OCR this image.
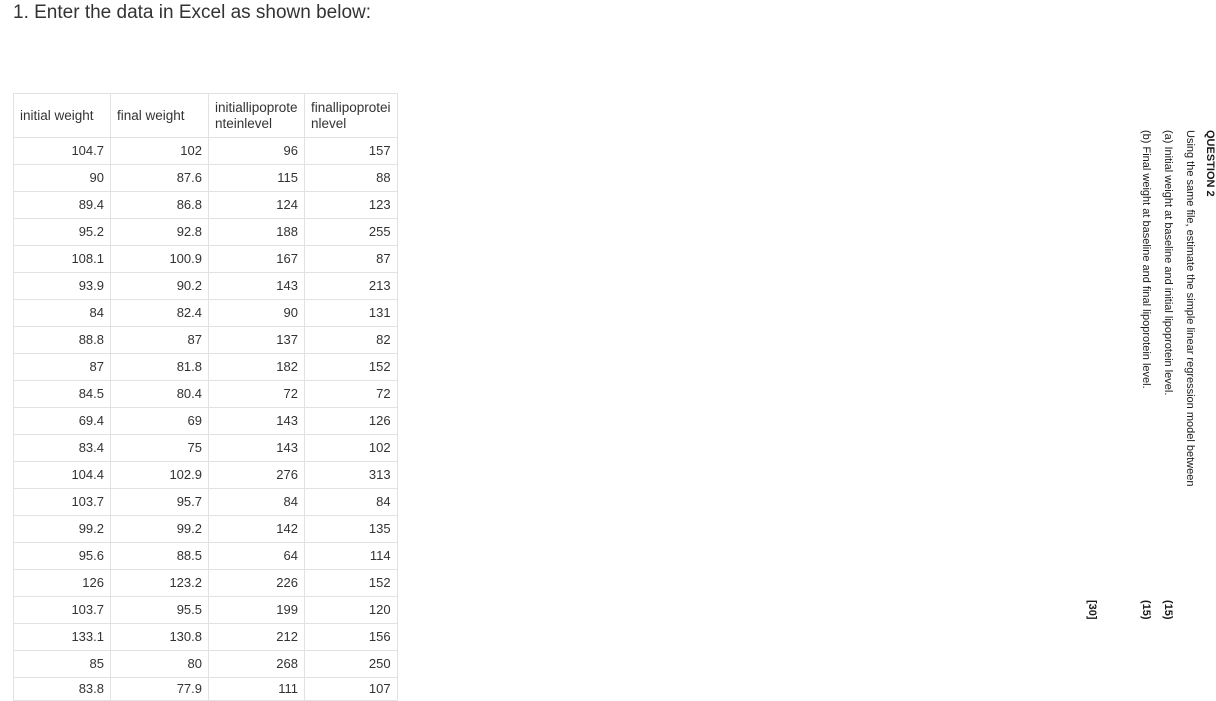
1. Enter the data in Excel as shown below:
initial weight	final weight	initiallipoprote nteinlevel	finallipoprotei nlevel
104.7	102	96	157
90	87.6	115	88
89.4	86.8	124	123
95.2	92.8	188	255
108.1	100.9	167	87
93.9	90.2	143	213
84	82.4	90	131
88.8	87	137	82
87	81.8	182	152
84.5	80.4	72	72
69.4	69	143	126
83.4	75	143	102
104.4	102.9	276	313
103.7	95.7	84	84
99.2	99.2	142	135
95.6	88.5	64	114
126	123.2	226	152
103.7	95.5	199	120
133.1	130.8	212	156
85	80	268	250
83.8	77.9	111	107
QUESTION 2
Using the same file, estimate the simple linear regression model between
(a) Initial weight at baseline and initial lipoprotein level.
(b) Final weight at baseline and final lipoprotein level.
(15)
(15)
[30]
